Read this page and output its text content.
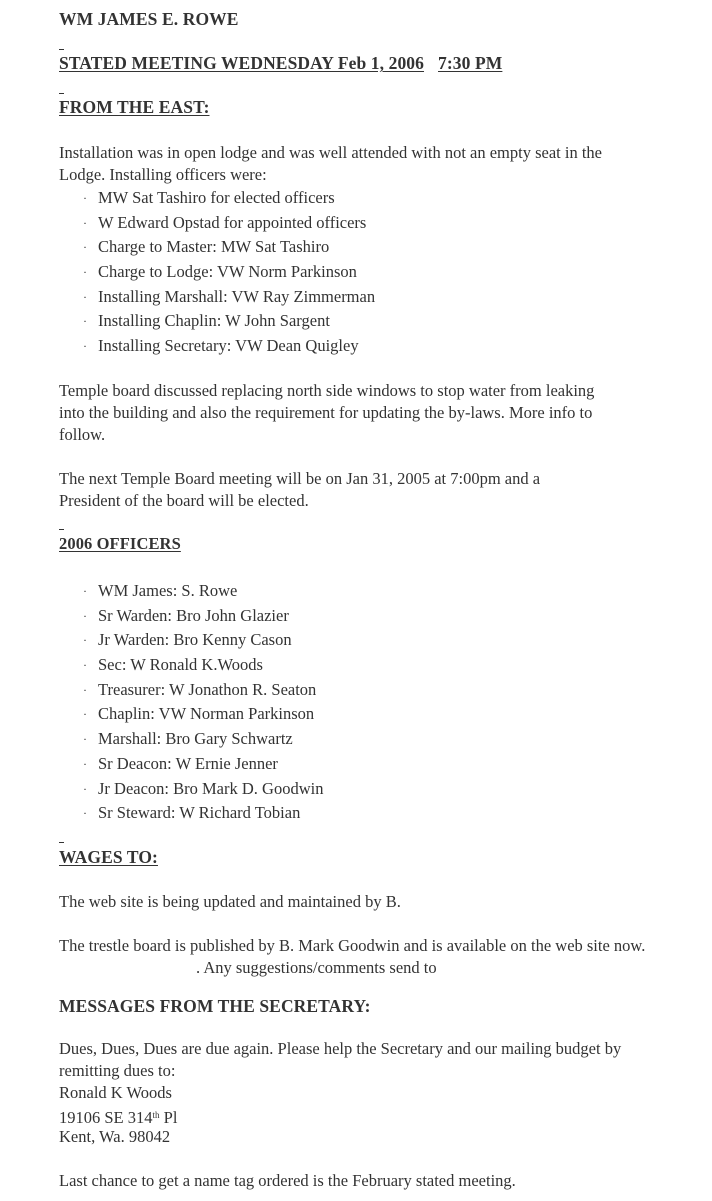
WM JAMES E. ROWE
STATED MEETING WEDNESDAY Feb 1, 2006 7:30 PM
FROM THE EAST:
Installation was in open lodge and was well attended with not an empty seat in the
Lodge. Installing officers were:
· MW Sat Tashiro for elected officers
· W Edward Opstad for appointed officers
· Charge to Master: MW Sat Tashiro
· Charge to Lodge: VW Norm Parkinson
· Installing Marshall: VW Ray Zimmerman
· Installing Chaplin: W John Sargent
· Installing Secretary: VW Dean Quigley
Temple board discussed replacing north side windows to stop water from leaking
into the building and also the requirement for updating the by-laws. More info to
follow.
The next Temple Board meeting will be on Jan 31, 2005 at 7:00pm and a
President of the board will be elected.
2006 OFFICERS
· WM James: S. Rowe
· Sr Warden: Bro John Glazier
· Jr Warden: Bro Kenny Cason
· Sec: W Ronald K.Woods
· Treasurer: W Jonathon R. Seaton
· Chaplin: VW Norman Parkinson
· Marshall: Bro Gary Schwartz
· Sr Deacon: W Ernie Jenner
· Jr Deacon: Bro Mark D. Goodwin
· Sr Steward: W Richard Tobian
WAGES TO:
The web site is being updated and maintained by B.
The trestle board is published by B. Mark Goodwin and is available on the web site now.
. Any suggestions/comments send to
MESSAGES FROM THE SECRETARY:
Dues, Dues, Dues are due again. Please help the Secretary and our mailing budget by
remitting dues to:
Ronald K Woods
19106 SE 314th Pl
Kent, Wa. 98042
Last chance to get a name tag ordered is the February stated meeting.
